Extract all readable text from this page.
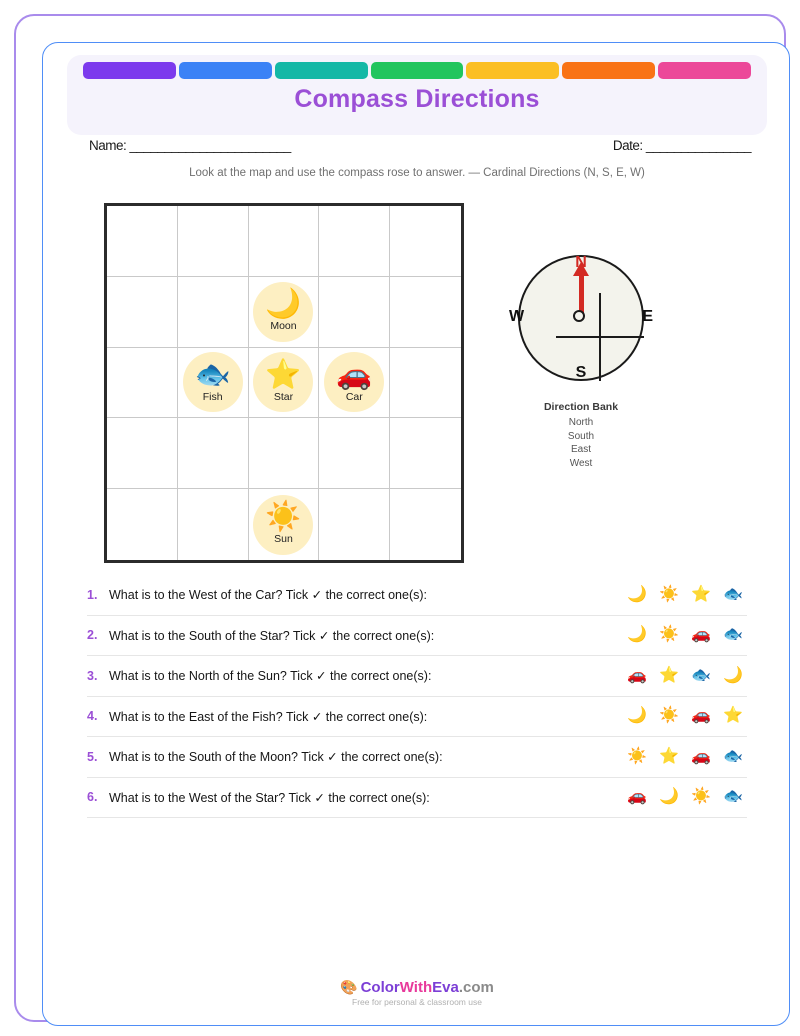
Compass Directions
Name: _______________________	Date: _______________
Look at the map and use the compass rose to answer. — Cardinal Directions (N, S, E, W)
🌙
Moon
🐟
Fish
⭐
Star
🚗
Car
☀️
Sun
N
S
W	E
Direction Bank
North
South
East
West
1. What is to the West of the Car? Tick ✓ the correct one(s):	🌙 ☀️ ⭐ 🐟
2. What is to the South of the Star? Tick ✓ the correct one(s):	🌙 ☀️ 🚗 🐟
3. What is to the North of the Sun? Tick ✓ the correct one(s):	🚗 ⭐ 🐟 🌙
4. What is to the East of the Fish? Tick ✓ the correct one(s):	🌙 ☀️ 🚗 ⭐
5. What is to the South of the Moon? Tick ✓ the correct one(s):	☀️ ⭐ 🚗 🐟
6. What is to the West of the Star? Tick ✓ the correct one(s):	🚗 🌙 ☀️ 🐟
🎨 ColorWithEva.com
Free for personal & classroom use
